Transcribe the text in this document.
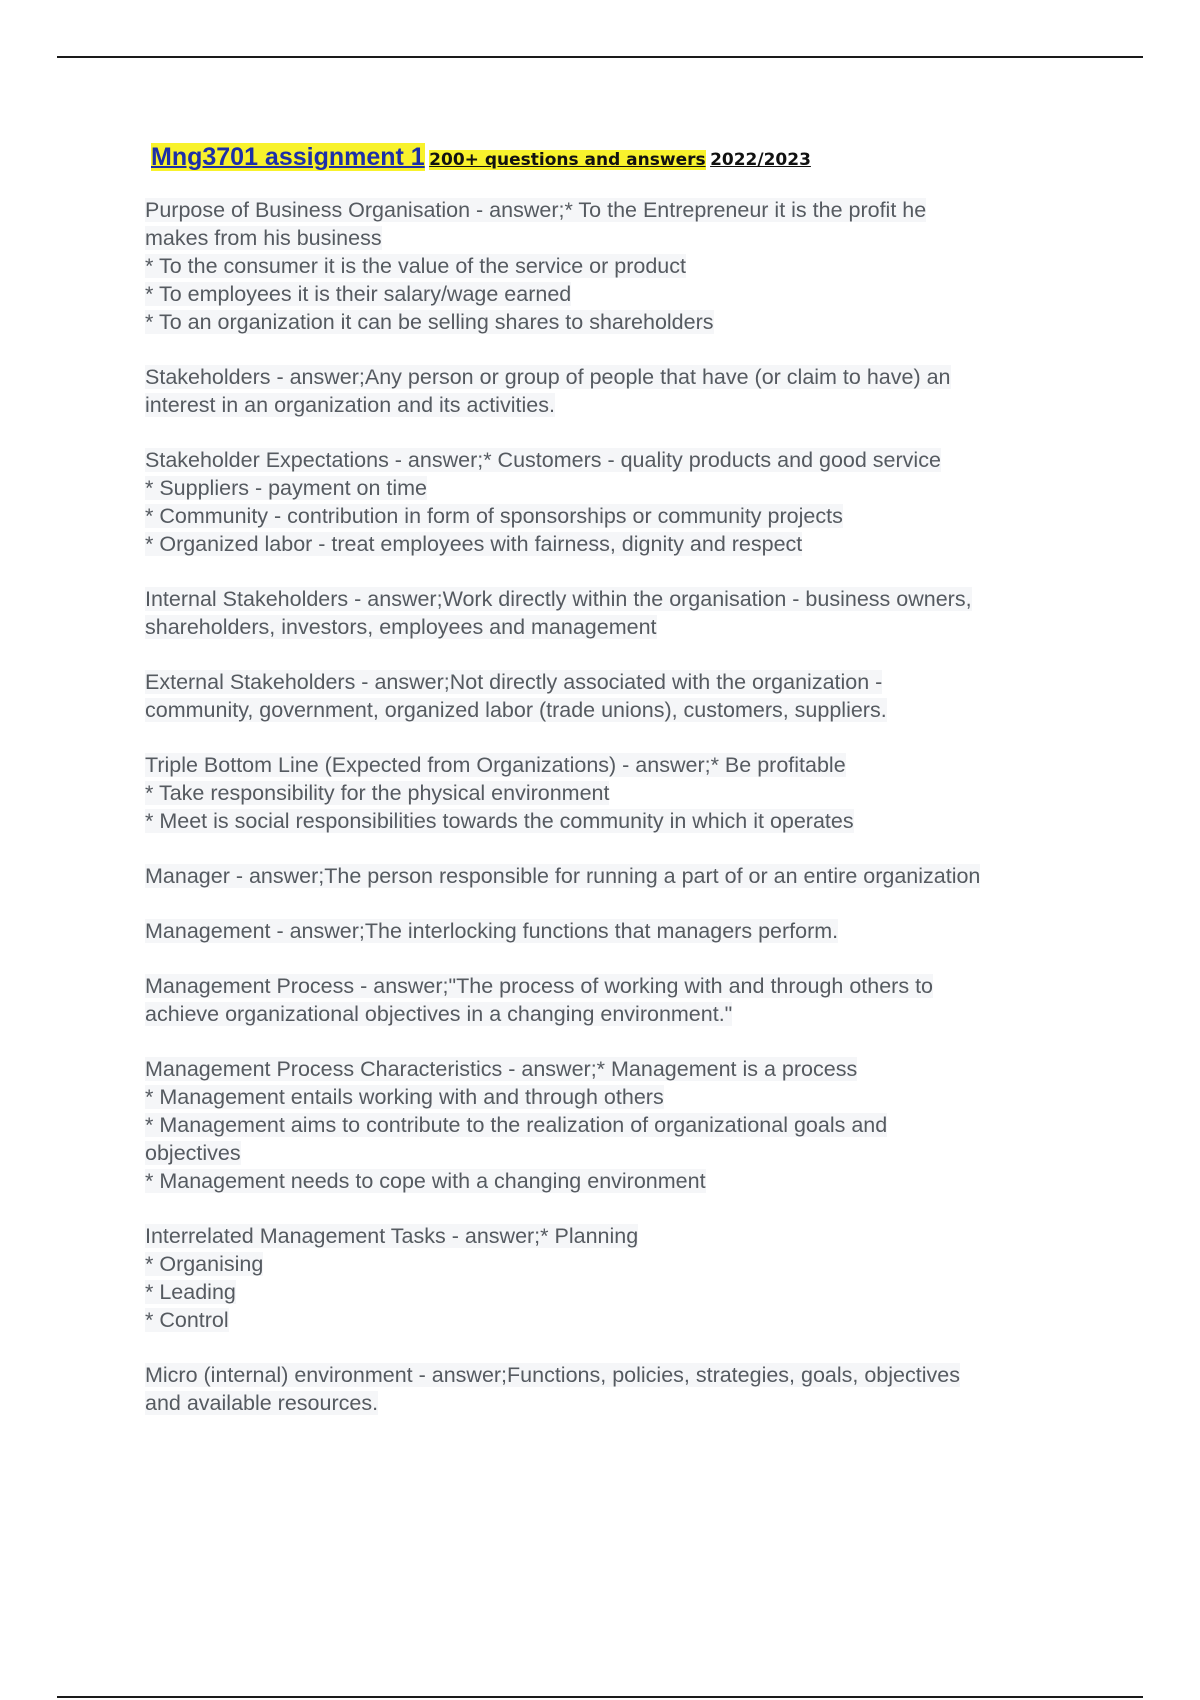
Mng3701 assignment 1 200+ questions and answers 2022/2023
Purpose of Business Organisation - answer;* To the Entrepreneur it is the profit he
makes from his business
* To the consumer it is the value of the service or product
* To employees it is their salary/wage earned
* To an organization it can be selling shares to shareholders
Stakeholders - answer;Any person or group of people that have (or claim to have) an
interest in an organization and its activities.
Stakeholder Expectations - answer;* Customers - quality products and good service
* Suppliers - payment on time
* Community - contribution in form of sponsorships or community projects
* Organized labor - treat employees with fairness, dignity and respect
Internal Stakeholders - answer;Work directly within the organisation - business owners,
shareholders, investors, employees and management
External Stakeholders - answer;Not directly associated with the organization -
community, government, organized labor (trade unions), customers, suppliers.
Triple Bottom Line (Expected from Organizations) - answer;* Be profitable
* Take responsibility for the physical environment
* Meet is social responsibilities towards the community in which it operates
Manager - answer;The person responsible for running a part of or an entire organization
Management - answer;The interlocking functions that managers perform.
Management Process - answer;"The process of working with and through others to
achieve organizational objectives in a changing environment."
Management Process Characteristics - answer;* Management is a process
* Management entails working with and through others
* Management aims to contribute to the realization of organizational goals and
objectives
* Management needs to cope with a changing environment
Interrelated Management Tasks - answer;* Planning
* Organising
* Leading
* Control
Micro (internal) environment - answer;Functions, policies, strategies, goals, objectives
and available resources.
